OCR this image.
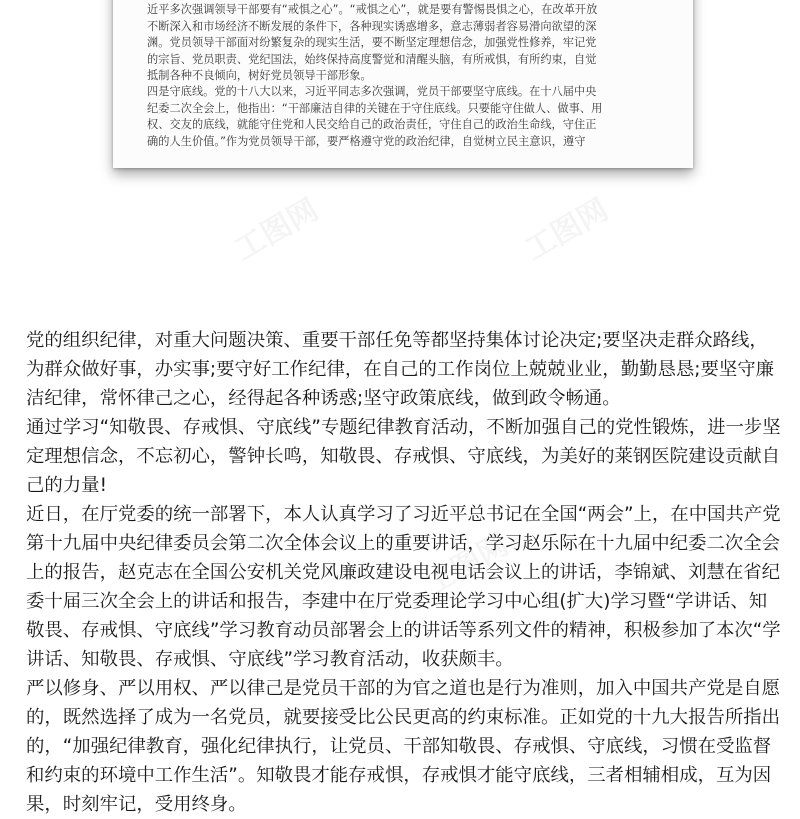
近平多次强调领导干部要有“戒惧之心”。“戒惧之心”，就是要有警惕畏惧之心，在改革开放

不断深入和市场经济不断发展的条件下，各种现实诱惑增多，意志薄弱者容易滑向欲望的深

渊。党员领导干部面对纷繁复杂的现实生活，要不断坚定理想信念，加强党性修养，牢记党

的宗旨、党员职责、党纪国法，始终保持高度警觉和清醒头脑，有所戒惧，有所约束，自觉

抵制各种不良倾向，树好党员领导干部形象。

四是守底线。党的十八大以来，习近平同志多次强调，党员干部要坚守底线。在十八届中央

纪委二次全会上，他指出：“干部廉洁自律的关键在于守住底线。只要能守住做人、做事、用

权、交友的底线，就能守住党和人民交给自己的政治责任，守住自己的政治生命线，守住正

确的人生价值。”作为党员领导干部，要严格遵守党的政治纪律，自觉树立民主意识，遵守

工图网	工图网
工图网

党的组织纪律，对重大问题决策、重要干部任免等都坚持集体讨论决定;要坚决走群众路线，为群众做好事，办实事;要守好工作纪律，在自己的工作岗位上兢兢业业，勤勤恳恳;要坚守廉洁纪律，常怀律己之心，经得起各种诱惑;坚守政策底线，做到政令畅通。

通过学习“知敬畏、存戒惧、守底线”专题纪律教育活动，不断加强自己的党性锻炼，进一步坚定理想信念，不忘初心，警钟长鸣，知敬畏、存戒惧、守底线，为美好的莱钢医院建设贡献自己的力量!

近日，在厅党委的统一部署下，本人认真学习了习近平总书记在全国“两会”上，在中国共产党第十九届中央纪律委员会第二次全体会议上的重要讲话，学习赵乐际在十九届中纪委二次全会上的报告，赵克志在全国公安机关党风廉政建设电视电话会议上的讲话，李锦斌、刘慧在省纪委十届三次全会上的讲话和报告，李建中在厅党委理论学习中心组(扩大)学习暨“学讲话、知敬畏、存戒惧、守底线”学习教育动员部署会上的讲话等系列文件的精神，积极参加了本次“学讲话、知敬畏、存戒惧、守底线”学习教育活动，收获颇丰。

严以修身、严以用权、严以律己是党员干部的为官之道也是行为准则，加入中国共产党是自愿的，既然选择了成为一名党员，就要接受比公民更高的约束标准。正如党的十九大报告所指出的，“加强纪律教育，强化纪律执行，让党员、干部知敬畏、存戒惧、守底线，习惯在受监督和约束的环境中工作生活”。知敬畏才能存戒惧，存戒惧才能守底线，三者相辅相成，互为因果，时刻牢记，受用终身。
